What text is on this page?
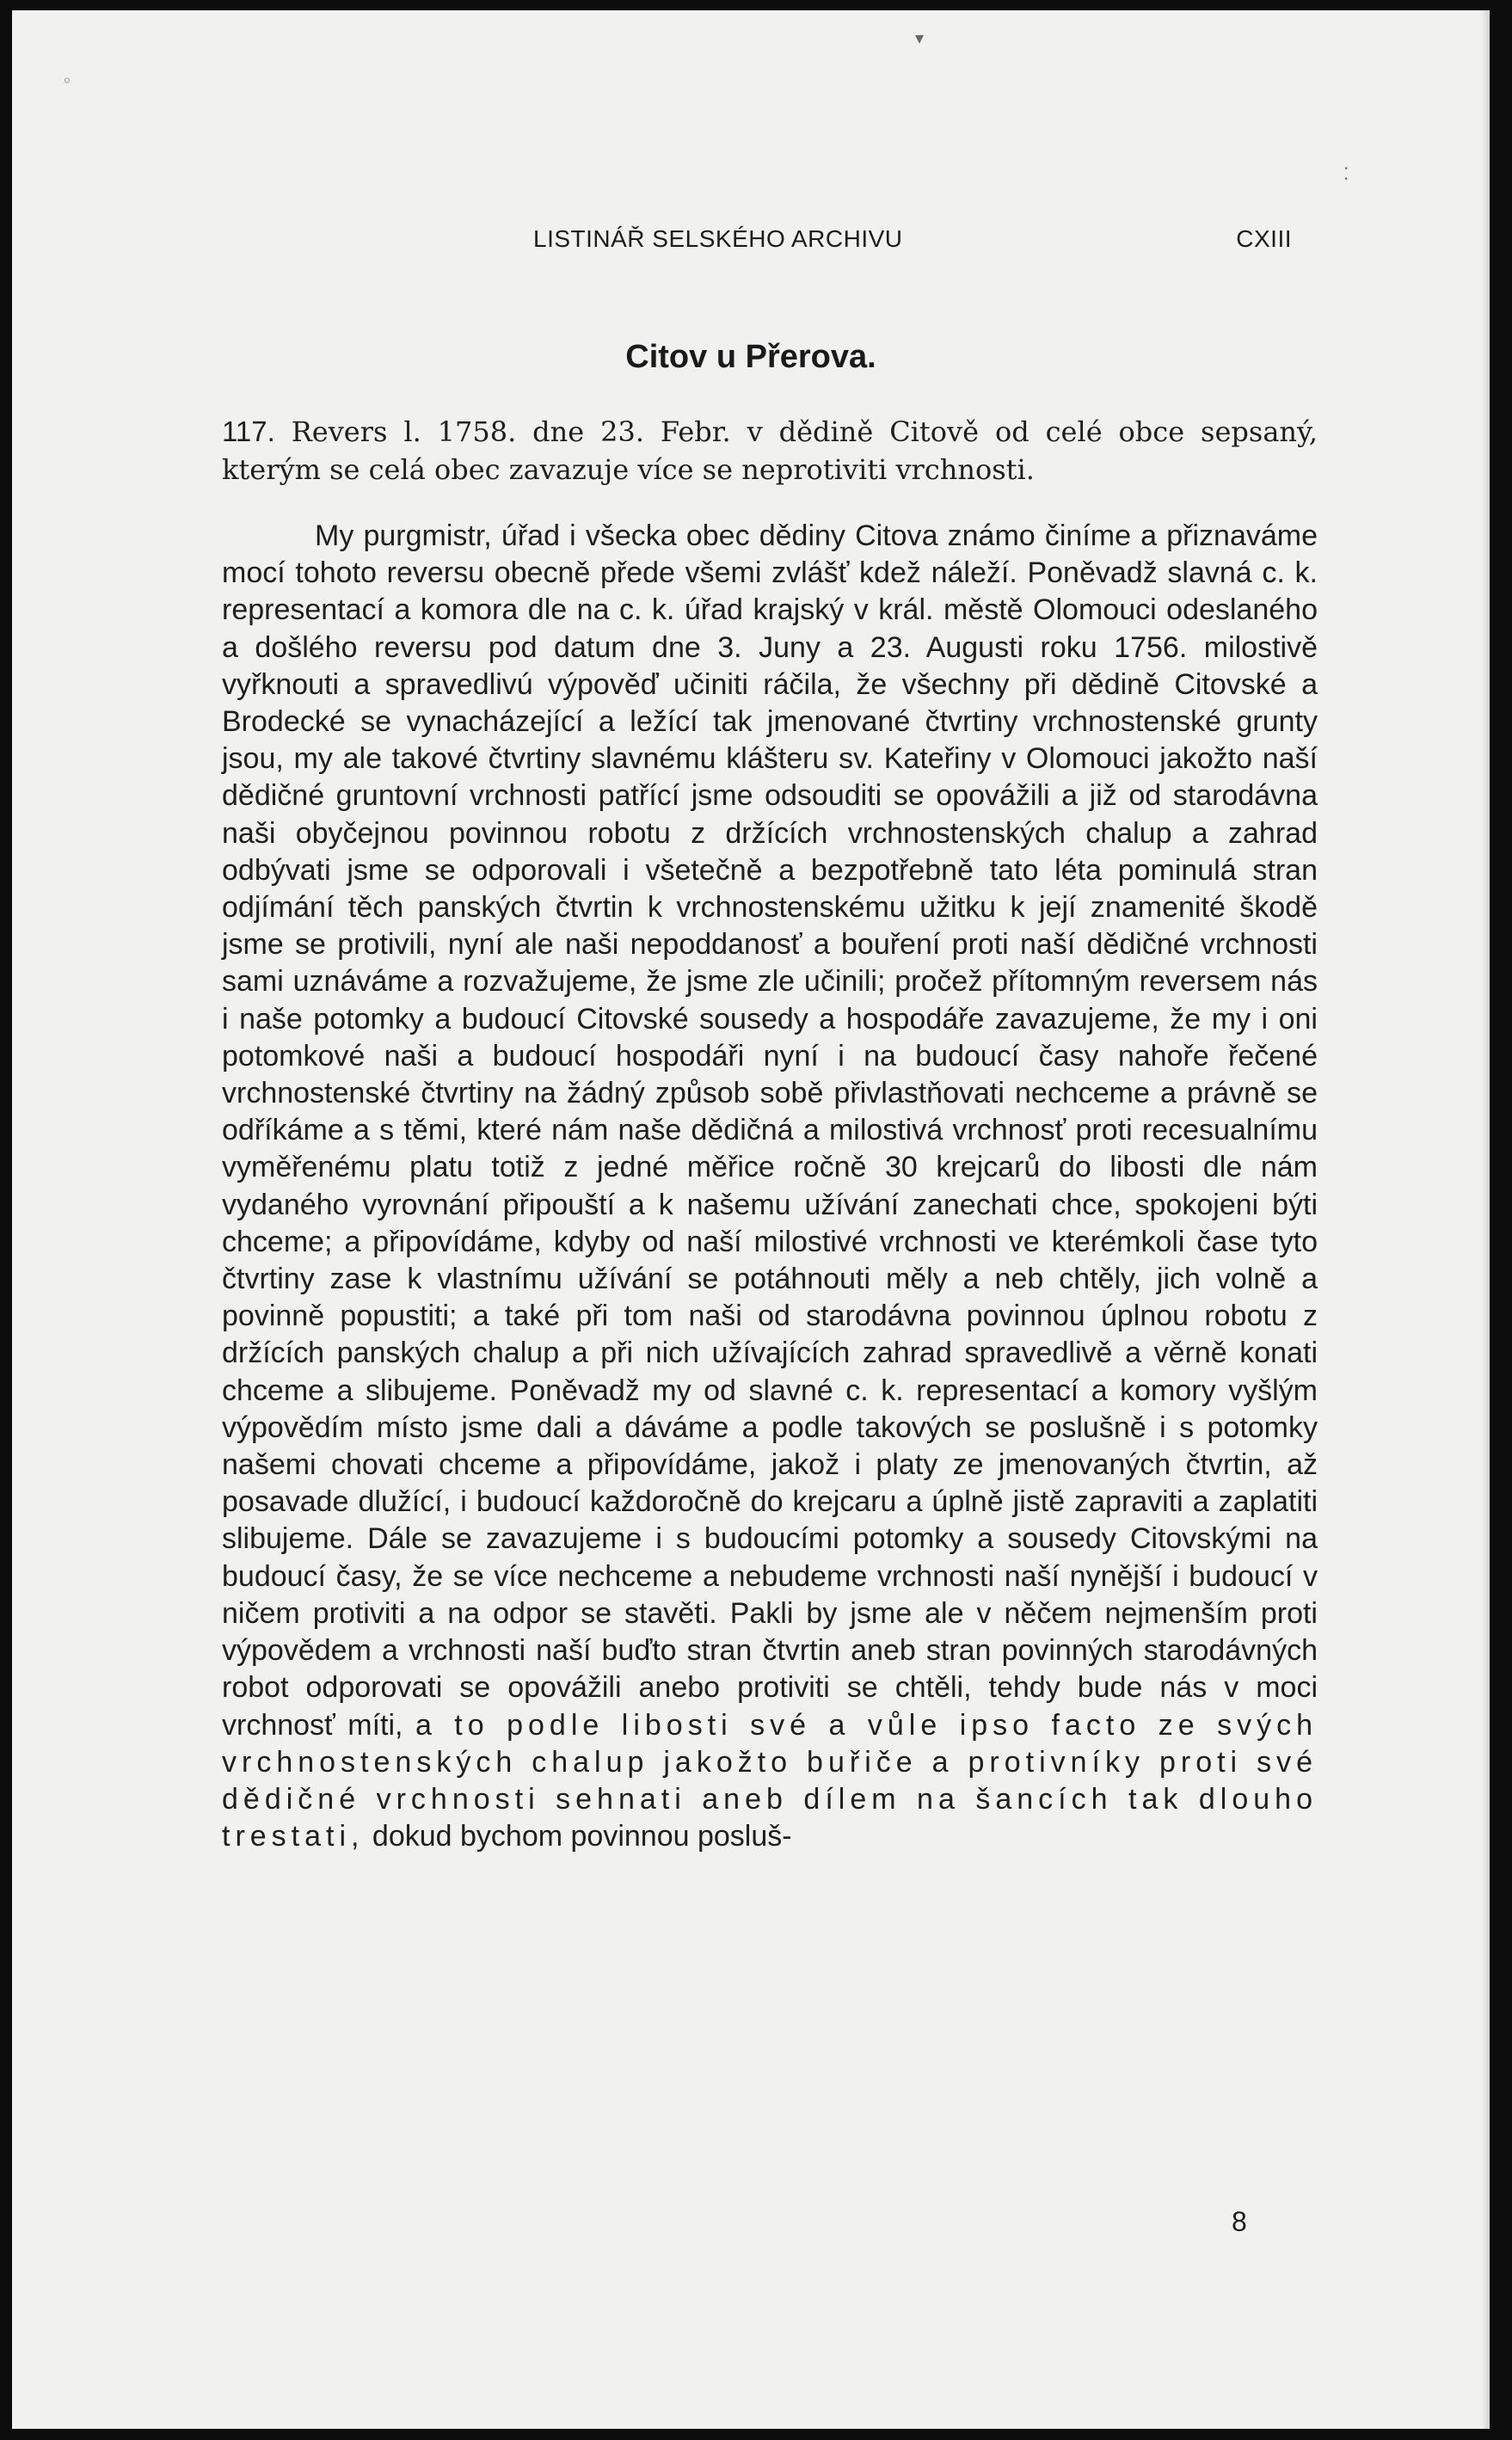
◦
⁚
▾
LISTINÁŘ SELSKÉHO ARCHIVU	CXIII
Citov u Přerova.
117. Revers l. 1758. dne 23. Febr. v dědině Citově od celé obce sepsaný, kterým se celá obec zavazuje více se neprotiviti vrchnosti.
My purgmistr, úřad i všecka obec dědiny Citova známo činíme a přiznaváme mocí tohoto reversu obecně přede všemi zvlášť kdež náleží. Poněvadž slavná c. k. representací a komora dle na c. k. úřad krajský v král. městě Olomouci odeslaného a došlého reversu pod datum dne 3. Juny a 23. Augusti roku 1756. milostivě vyřknouti a spravedlivú výpověď učiniti ráčila, že všechny při dědině Citovské a Brodecké se vynacházející a ležící tak jmenované čtvrtiny vrchnostenské grunty jsou, my ale takové čtvrtiny slavnému klášteru sv. Kateřiny v Olomouci jakožto naší dědičné gruntovní vrchnosti patřící jsme odsouditi se opovážili a již od starodávna naši obyčejnou povinnou robotu z držících vrchnostenských chalup a zahrad odbývati jsme se odporovali i všetečně a bezpotřebně tato léta pominulá stran odjímání těch panských čtvrtin k vrchnostenskému užitku k její znamenité škodě jsme se protivili, nyní ale naši nepoddanosť a bouření proti naší dědičné vrchnosti sami uznáváme a rozvažujeme, že jsme zle učinili; pročež přítomným reversem nás i naše potomky a budoucí Citovské sousedy a hospodáře zavazujeme, že my i oni potomkové naši a budoucí hospodáři nyní i na budoucí časy nahoře řečené vrchnostenské čtvrtiny na žádný způsob sobě přivlastňovati nechceme a právně se odříkáme a s těmi, které nám naše dědičná a milostivá vrchnosť proti recesualnímu vyměřenému platu totiž z jedné měřice ročně 30 krejcarů do libosti dle nám vydaného vyrovnání připouští a k našemu užívání zanechati chce, spokojeni býti chceme; a připovídáme, kdyby od naší milostivé vrchnosti ve kterémkoli čase tyto čtvrtiny zase k vlastnímu užívání se potáhnouti měly a neb chtěly, jich volně a povinně popustiti; a také při tom naši od starodávna povinnou úplnou robotu z držících panských chalup a při nich užívajících zahrad spravedlivě a věrně konati chceme a slibujeme. Poněvadž my od slavné c. k. representací a komory vyšlým výpovědím místo jsme dali a dáváme a podle takových se poslušně i s potomky našemi chovati chceme a připovídáme, jakož i platy ze jmenovaných čtvrtin, až posavade dlužící, i budoucí každoročně do krejcaru a úplně jistě zapraviti a zaplatiti slibujeme. Dále se zavazujeme i s budoucími potomky a sousedy Citovskými na budoucí časy, že se více nechceme a nebudeme vrchnosti naší nynější i budoucí v ničem protiviti a na odpor se stavěti. Pakli by jsme ale v něčem nejmenším proti výpovědem a vrchnosti naší buďto stran čtvrtin aneb stran povinných starodávných robot odporovati se opovážili anebo protiviti se chtěli, tehdy bude nás v moci vrchnosť míti, a to podle libosti své a vůle ipso facto ze svých vrchnostenských chalup jakožto buřiče a protivníky proti své dědičné vrchnosti sehnati aneb dílem na šancích tak dlouho trestati, dokud bychom povinnou posluš-
8
